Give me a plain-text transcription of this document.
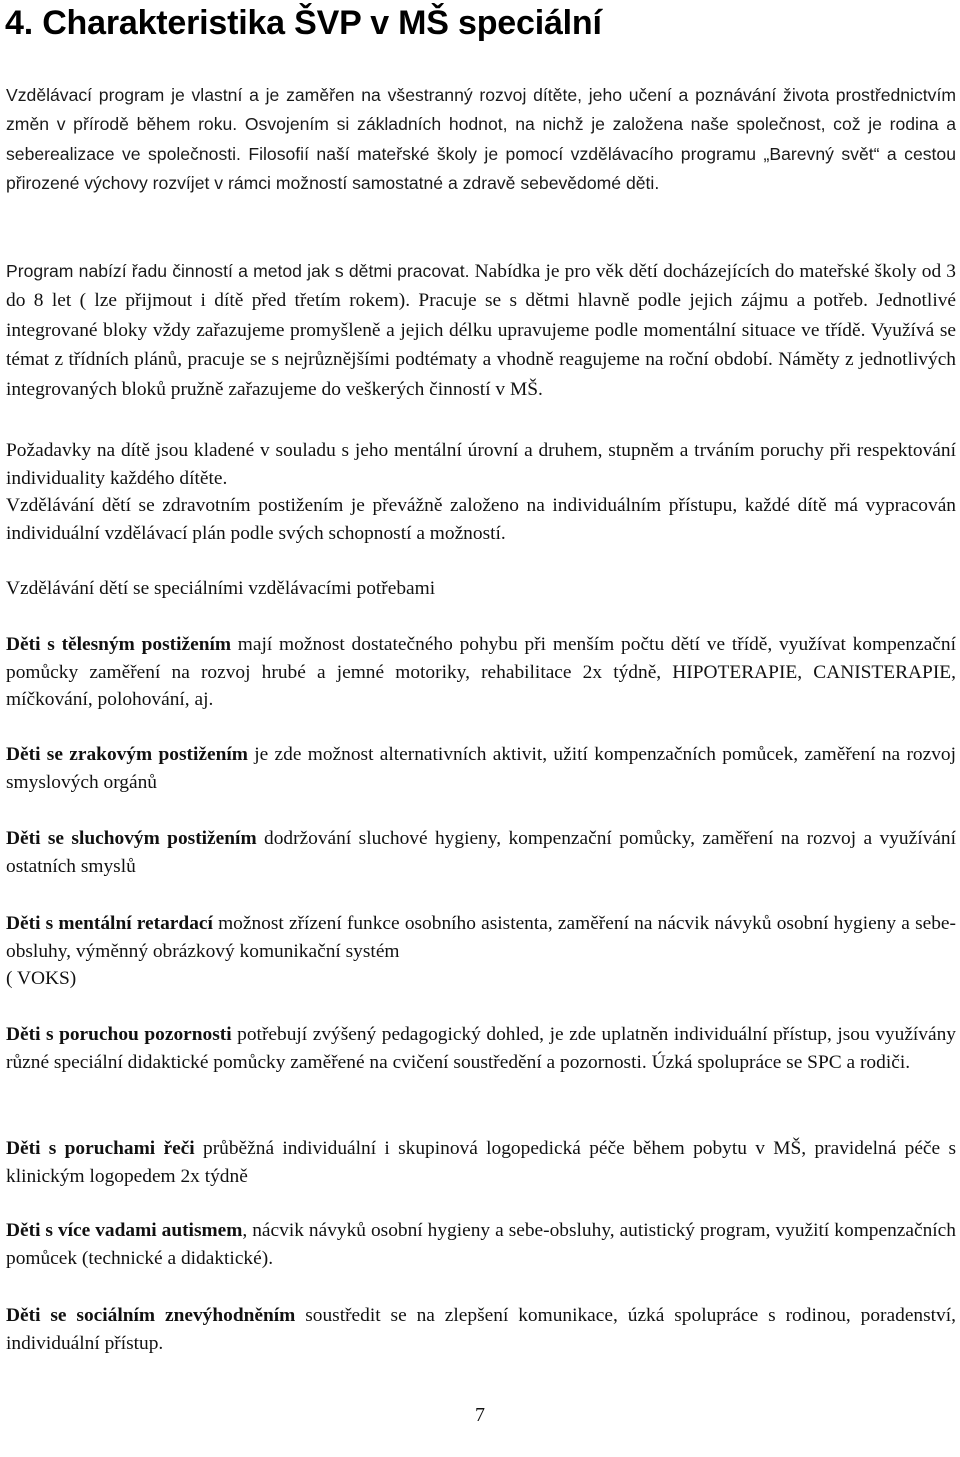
4. Charakteristika ŠVP v MŠ speciální

Vzdělávací program je vlastní a je zaměřen na všestranný rozvoj dítěte, jeho učení a poznávání života prostřednictvím změn v přírodě během roku. Osvojením si základních hodnot, na nichž je založena naše společnost, což je rodina a seberealizace ve společnosti. Filosofií naší mateřské školy je pomocí vzdělávacího programu „Barevný svět“ a cestou přirozené výchovy rozvíjet v rámci možností samostatné a zdravě sebevědomé děti.

Program nabízí řadu činností a metod jak s dětmi pracovat. Nabídka je pro věk dětí docházejících do mateřské školy od 3 do 8 let ( lze přijmout i dítě před třetím rokem). Pracuje se s dětmi hlavně podle jejich zájmu a potřeb. Jednotlivé integrované bloky vždy zařazujeme promyšleně a jejich délku upravujeme podle momentální situace ve třídě. Využívá se témat z třídních plánů, pracuje se s nejrůznějšími podtématy a vhodně reagujeme na roční období. Náměty z jednotlivých integrovaných bloků pružně zařazujeme do veškerých činností v MŠ.

Požadavky na dítě jsou kladené v souladu s jeho mentální úrovní a druhem, stupněm a trváním poruchy při respektování individuality každého dítěte.

Vzdělávání dětí se zdravotním postižením je převážně založeno na individuálním přístupu, každé dítě má vypracován individuální vzdělávací plán podle svých schopností a možností.

Vzdělávání dětí se speciálními vzdělávacími potřebami

Děti s tělesným postižením mají možnost dostatečného pohybu při menším počtu dětí ve třídě, využívat kompenzační pomůcky zaměření na rozvoj hrubé a jemné motoriky, rehabilitace 2x týdně, HIPOTERAPIE, CANISTERAPIE, míčkování, polohování, aj.

Děti se zrakovým postižením je zde možnost alternativních aktivit, užití kompenzačních pomůcek, zaměření na rozvoj smyslových orgánů

Děti se sluchovým postižením dodržování sluchové hygieny, kompenzační pomůcky, zaměření na rozvoj a využívání ostatních smyslů

Děti s mentální retardací možnost zřízení funkce osobního asistenta, zaměření na nácvik návyků osobní hygieny a sebe-obsluhy, výměnný obrázkový komunikační systém
( VOKS)

Děti s poruchou pozornosti potřebují zvýšený pedagogický dohled, je zde uplatněn individuální přístup, jsou využívány různé speciální didaktické pomůcky zaměřené na cvičení soustředění a pozornosti. Úzká spolupráce se SPC a rodiči.

Děti s poruchami řeči průběžná individuální i skupinová logopedická péče během pobytu v MŠ, pravidelná péče s klinickým logopedem 2x týdně

Děti s více vadami autismem, nácvik návyků osobní hygieny a sebe-obsluhy, autistický program, využití kompenzačních pomůcek (technické a didaktické).

Děti se sociálním znevýhodněním soustředit se na zlepšení komunikace, úzká spolupráce s rodinou, poradenství, individuální přístup.

7
